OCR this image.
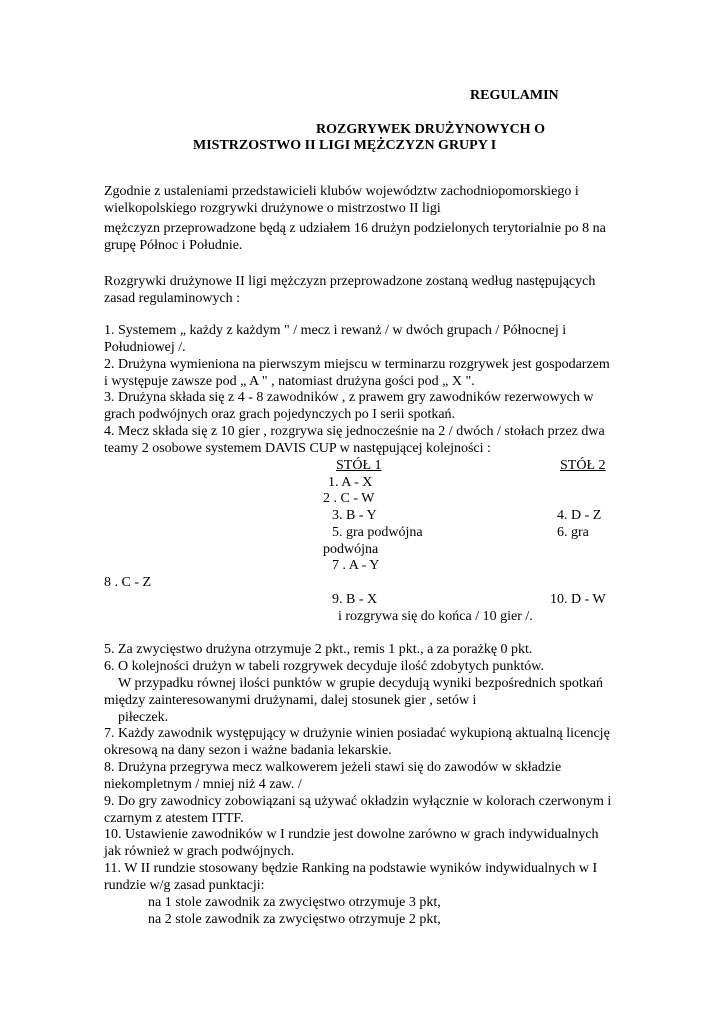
REGULAMIN
ROZGRYWEK DRUŻYNOWYCH O
MISTRZOSTWO II LIGI MĘŻCZYZN GRUPY I
Zgodnie z ustaleniami przedstawicieli klubów województw zachodniopomorskiego i
wielkopolskiego rozgrywki drużynowe o mistrzostwo II ligi
mężczyzn przeprowadzone będą z udziałem 16 drużyn podzielonych terytorialnie po 8 na
grupę Północ i Południe.
Rozgrywki drużynowe II ligi mężczyzn przeprowadzone zostaną według następujących
zasad regulaminowych :
1. Systemem „ każdy z każdym " / mecz i rewanż / w dwóch grupach / Północnej i
Południowej /.
2. Drużyna wymieniona na pierwszym miejscu w terminarzu rozgrywek jest gospodarzem
i występuje zawsze pod „ A " , natomiast drużyna gości pod „ X ".
3. Drużyna składa się z 4 - 8 zawodników , z prawem gry zawodników rezerwowych w
grach podwójnych oraz grach pojedynczych po I serii spotkań.
4. Mecz składa się z 10 gier , rozgrywa się jednocześnie na 2 / dwóch / stołach przez dwa
teamy 2 osobowe systemem DAVIS CUP w następującej kolejności :
STÓŁ 1	STÓŁ 2
1. A - X
2 . C - W
3. B - Y	4. D - Z
5. gra podwójna	6. gra
podwójna
7 . A - Y
8 . C - Z
9. B - X	10. D - W
i rozgrywa się do końca / 10 gier /.
5. Za zwycięstwo drużyna otrzymuje 2 pkt., remis 1 pkt., a za porażkę 0 pkt.
6. O kolejności drużyn w tabeli rozgrywek decyduje ilość zdobytych punktów.
W przypadku równej ilości punktów w grupie decydują wyniki bezpośrednich spotkań
między zainteresowanymi drużynami, dalej stosunek gier , setów i
piłeczek.
7. Każdy zawodnik występujący w drużynie winien posiadać wykupioną aktualną licencję
okresową na dany sezon i ważne badania lekarskie.
8. Drużyna przegrywa mecz walkowerem jeżeli stawi się do zawodów w składzie
niekompletnym / mniej niż 4 zaw. /
9. Do gry zawodnicy zobowiązani są używać okładzin wyłącznie w kolorach czerwonym i
czarnym z atestem ITTF.
10. Ustawienie zawodników w I rundzie jest dowolne zarówno w grach indywidualnych
jak również w grach podwójnych.
11. W II rundzie stosowany będzie Ranking na podstawie wyników indywidualnych w I
rundzie w/g zasad punktacji:
na 1 stole zawodnik za zwycięstwo otrzymuje 3 pkt,
na 2 stole zawodnik za zwycięstwo otrzymuje 2 pkt,
